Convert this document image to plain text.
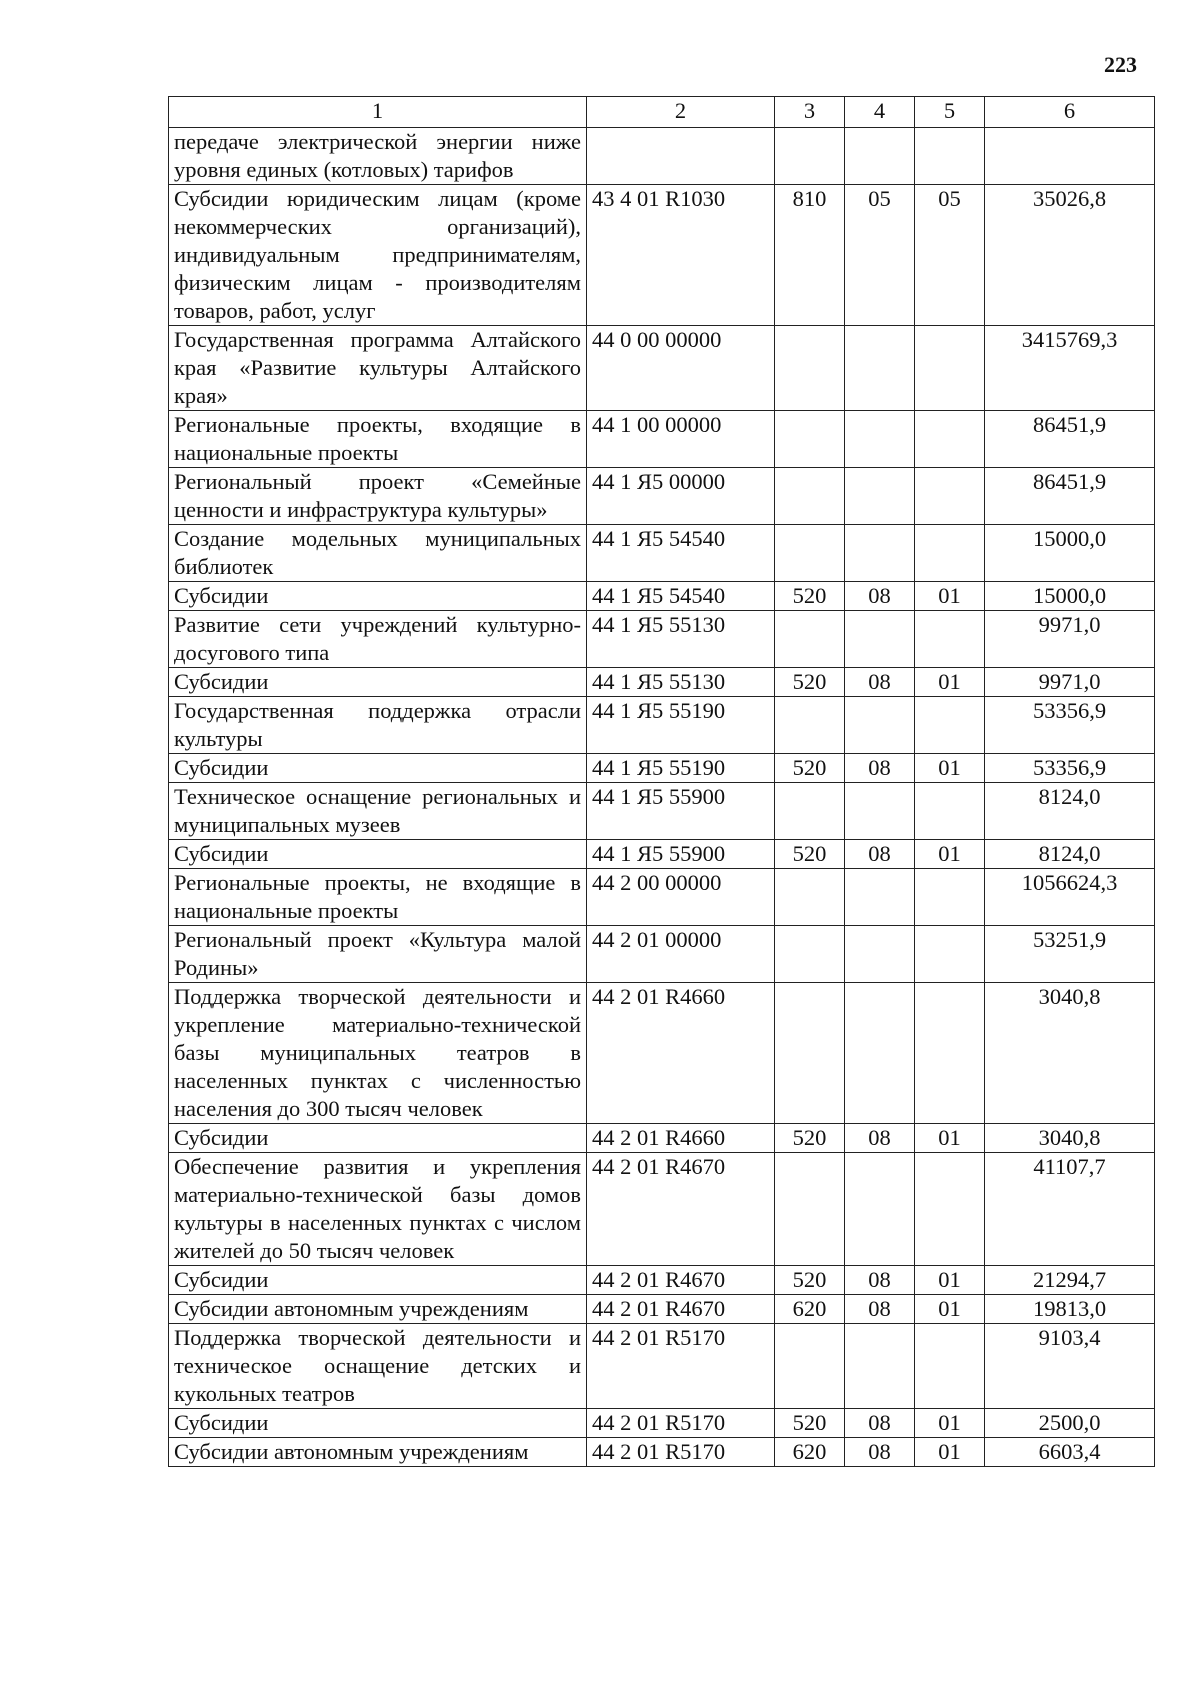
223
1	2	3	4	5	6
передаче электрической энергии ниже уровня единых (котловых) тарифов					
Субсидии юридическим лицам (кроме некоммерческих организаций), индивидуальным предпринимателям, физическим лицам - производителям товаров, работ, услуг	43 4 01 R1030	810	05	05	35026,8
Государственная программа Алтайского края «Развитие культуры Алтайского края»	44 0 00 00000				3415769,3
Региональные проекты, входящие в национальные проекты	44 1 00 00000				86451,9
Региональный проект «Семейные ценности и инфраструктура культуры»	44 1 Я5 00000				86451,9
Создание модельных муниципальных библиотек	44 1 Я5 54540				15000,0
Субсидии	44 1 Я5 54540	520	08	01	15000,0
Развитие сети учреждений культурно-досугового типа	44 1 Я5 55130				9971,0
Субсидии	44 1 Я5 55130	520	08	01	9971,0
Государственная поддержка отрасли культуры	44 1 Я5 55190				53356,9
Субсидии	44 1 Я5 55190	520	08	01	53356,9
Техническое оснащение региональных и муниципальных музеев	44 1 Я5 55900				8124,0
Субсидии	44 1 Я5 55900	520	08	01	8124,0
Региональные проекты, не входящие в национальные проекты	44 2 00 00000				1056624,3
Региональный проект «Культура малой Родины»	44 2 01 00000				53251,9
Поддержка творческой деятельности и укрепление материально-технической базы муниципальных театров в населенных пунктах с численностью населения до 300 тысяч человек	44 2 01 R4660				3040,8
Субсидии	44 2 01 R4660	520	08	01	3040,8
Обеспечение развития и укрепления материально-технической базы домов культуры в населенных пунктах с числом жителей до 50 тысяч человек	44 2 01 R4670				41107,7
Субсидии	44 2 01 R4670	520	08	01	21294,7
Субсидии автономным учреждениям	44 2 01 R4670	620	08	01	19813,0
Поддержка творческой деятельности и техническое оснащение детских и кукольных театров	44 2 01 R5170				9103,4
Субсидии	44 2 01 R5170	520	08	01	2500,0
Субсидии автономным учреждениям	44 2 01 R5170	620	08	01	6603,4
